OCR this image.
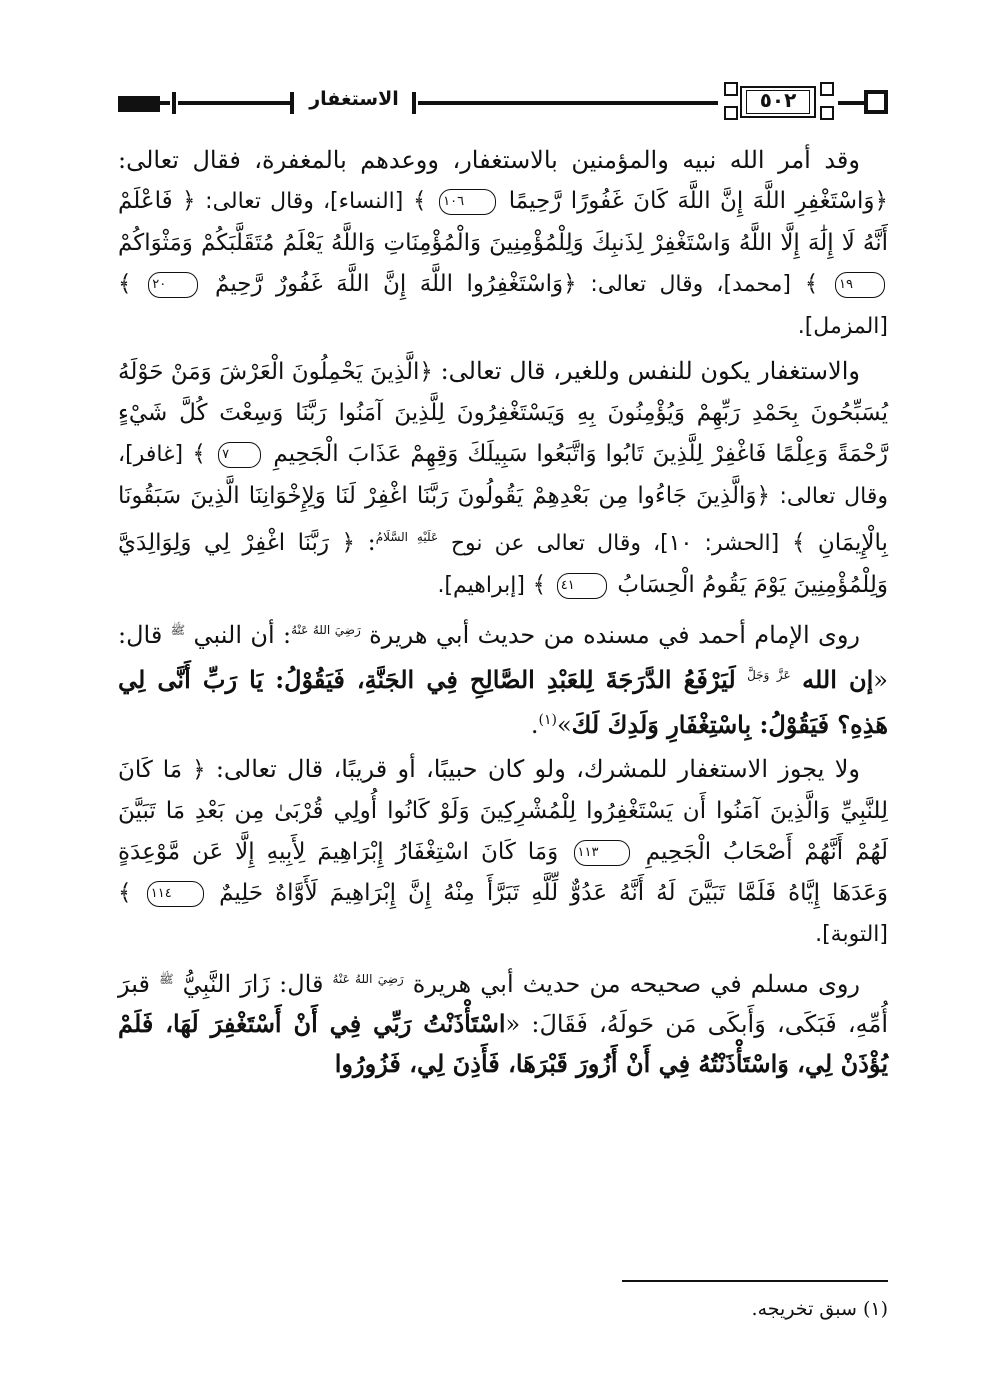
الاستغفار	٥٠٢

وقد أمر الله نبيه والمؤمنين بالاستغفار، ووعدهم بالمغفرة، فقال تعالى: ﴿وَاسْتَغْفِرِ اللَّهَ إِنَّ اللَّهَ كَانَ غَفُورًا رَّحِيمًا ١٠٦ ﴾ [النساء]، وقال تعالى: ﴿ فَاعْلَمْ أَنَّهُ لَا إِلَٰهَ إِلَّا اللَّهُ وَاسْتَغْفِرْ لِذَنبِكَ وَلِلْمُؤْمِنِينَ وَالْمُؤْمِنَاتِ وَاللَّهُ يَعْلَمُ مُتَقَلَّبَكُمْ وَمَثْوَاكُمْ ١٩ ﴾ [محمد]، وقال تعالى: ﴿وَاسْتَغْفِرُوا اللَّهَ إِنَّ اللَّهَ غَفُورٌ رَّحِيمٌ ٢٠ ﴾ [المزمل].

والاستغفار يكون للنفس وللغير، قال تعالى: ﴿الَّذِينَ يَحْمِلُونَ الْعَرْشَ وَمَنْ حَوْلَهُ يُسَبِّحُونَ بِحَمْدِ رَبِّهِمْ وَيُؤْمِنُونَ بِهِ وَيَسْتَغْفِرُونَ لِلَّذِينَ آمَنُوا رَبَّنَا وَسِعْتَ كُلَّ شَيْءٍ رَّحْمَةً وَعِلْمًا فَاغْفِرْ لِلَّذِينَ تَابُوا وَاتَّبَعُوا سَبِيلَكَ وَقِهِمْ عَذَابَ الْجَحِيمِ ٧ ﴾ [غافر]، وقال تعالى: ﴿وَالَّذِينَ جَاءُوا مِن بَعْدِهِمْ يَقُولُونَ رَبَّنَا اغْفِرْ لَنَا وَلِإِخْوَانِنَا الَّذِينَ سَبَقُونَا بِالْإِيمَانِ ﴾ [الحشر: ١٠]، وقال تعالى عن نوح $^{عَلَيْهِ السَّلَامُ}$: ﴿ رَبَّنَا اغْفِرْ لِي وَلِوَالِدَيَّ وَلِلْمُؤْمِنِينَ يَوْمَ يَقُومُ الْحِسَابُ ٤١ ﴾ [إبراهيم].

روى الإمام أحمد في مسنده من حديث أبي هريرة $^{رَضِيَ اللهُ عَنْهُ}$: أن النبي $^ﷺ$ قال: «إن الله $^{عَزَّ وَجَلَّ}$ لَيَرْفَعُ الدَّرَجَةَ لِلعَبْدِ الصَّالِحِ فِي الجَنَّةِ، فَيَقُوْلُ: يَا رَبِّ أَنَّى لِي هَذِهِ؟ فَيَقُوْلُ: بِاسْتِغْفَارِ وَلَدِكَ لَكَ»$^{(١)}$.

ولا يجوز الاستغفار للمشرك، ولو كان حبيبًا، أو قريبًا، قال تعالى: ﴿ مَا كَانَ لِلنَّبِيِّ وَالَّذِينَ آمَنُوا أَن يَسْتَغْفِرُوا لِلْمُشْرِكِينَ وَلَوْ كَانُوا أُولِي قُرْبَىٰ مِن بَعْدِ مَا تَبَيَّنَ لَهُمْ أَنَّهُمْ أَصْحَابُ الْجَحِيمِ ١١٣ وَمَا كَانَ اسْتِغْفَارُ إِبْرَاهِيمَ لِأَبِيهِ إِلَّا عَن مَّوْعِدَةٍ وَعَدَهَا إِيَّاهُ فَلَمَّا تَبَيَّنَ لَهُ أَنَّهُ عَدُوٌّ لِّلَّهِ تَبَرَّأَ مِنْهُ إِنَّ إِبْرَاهِيمَ لَأَوَّاهٌ حَلِيمٌ ١١٤ ﴾ [التوبة].

روى مسلم في صحيحه من حديث أبي هريرة $^{رَضِيَ اللهُ عَنْهُ}$ قال: زَارَ النَّبِيُّ $^ﷺ$ قبرَ أُمِّهِ، فَبَكَى، وَأَبكَى مَن حَولَهُ، فَقَالَ: «اسْتَأْذَنْتُ رَبِّي فِي أَنْ أَسْتَغْفِرَ لَهَا، فَلَمْ يُؤْذَنْ لِي، وَاسْتَأْذَنْتُهُ فِي أَنْ أَزُورَ قَبْرَهَا، فَأَذِنَ لِي، فَزُورُوا

(١) سبق تخريجه.
